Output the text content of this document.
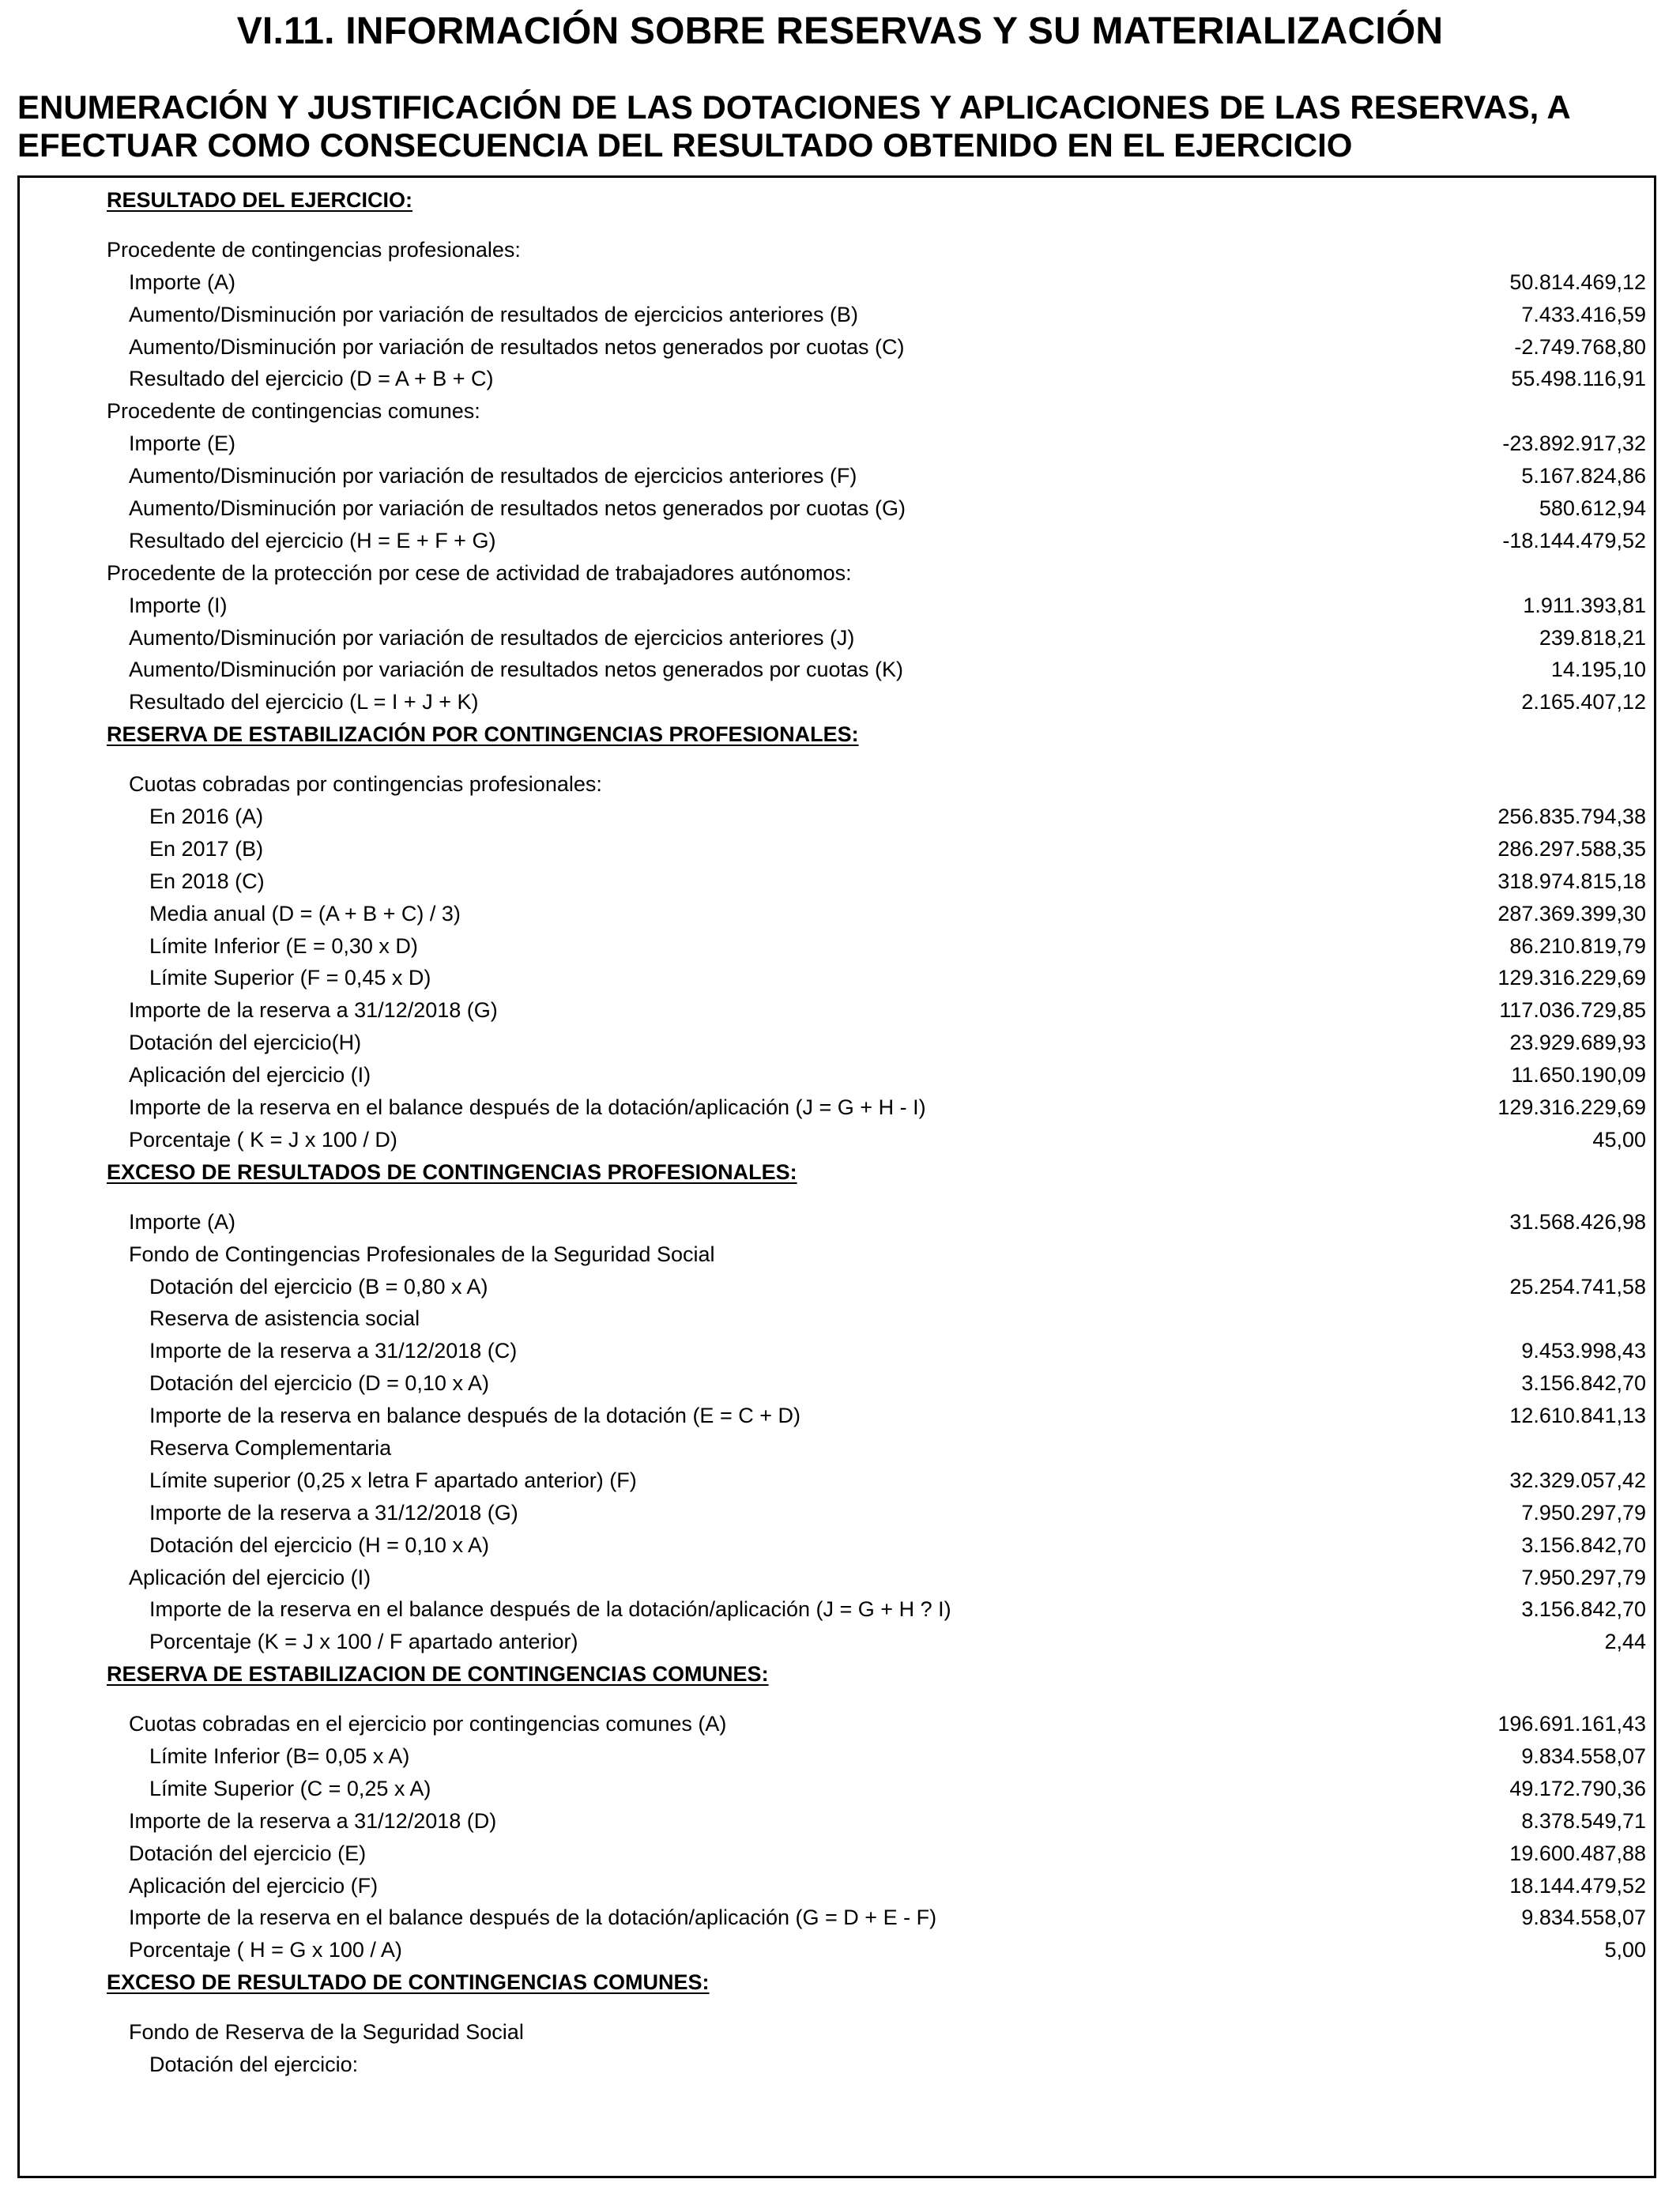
VI.11. INFORMACIÓN SOBRE RESERVAS Y SU MATERIALIZACIÓN
ENUMERACIÓN Y JUSTIFICACIÓN DE LAS DOTACIONES Y APLICACIONES DE LAS RESERVAS, A
EFECTUAR COMO CONSECUENCIA DEL RESULTADO OBTENIDO EN EL EJERCICIO
RESULTADO DEL EJERCICIO:
Procedente de contingencias profesionales:
Importe (A)	50.814.469,12
Aumento/Disminución por variación de resultados de ejercicios anteriores (B)	7.433.416,59
Aumento/Disminución por variación de resultados netos generados por cuotas (C)	-2.749.768,80
Resultado del ejercicio (D = A + B + C)	55.498.116,91
Procedente de contingencias comunes:
Importe (E)	-23.892.917,32
Aumento/Disminución por variación de resultados de ejercicios anteriores (F)	5.167.824,86
Aumento/Disminución por variación de resultados netos generados por cuotas (G)	580.612,94
Resultado del ejercicio (H = E + F + G)	-18.144.479,52
Procedente de la protección por cese de actividad de trabajadores autónomos:
Importe (I)	1.911.393,81
Aumento/Disminución por variación de resultados de ejercicios anteriores (J)	239.818,21
Aumento/Disminución por variación de resultados netos generados por cuotas (K)	14.195,10
Resultado del ejercicio (L = I + J + K)	2.165.407,12
RESERVA DE ESTABILIZACIÓN POR CONTINGENCIAS PROFESIONALES:
Cuotas cobradas por contingencias profesionales:
En 2016 (A)	256.835.794,38
En 2017 (B)	286.297.588,35
En 2018 (C)	318.974.815,18
Media anual (D = (A + B + C) / 3)	287.369.399,30
Límite Inferior (E = 0,30 x D)	86.210.819,79
Límite Superior (F = 0,45 x D)	129.316.229,69
Importe de la reserva a 31/12/2018 (G)	117.036.729,85
Dotación del ejercicio(H)	23.929.689,93
Aplicación del ejercicio (I)	11.650.190,09
Importe de la reserva en el balance después de la dotación/aplicación (J = G + H - I)	129.316.229,69
Porcentaje ( K = J x 100 / D)	45,00
EXCESO DE RESULTADOS DE CONTINGENCIAS PROFESIONALES:
Importe (A)	31.568.426,98
Fondo de Contingencias Profesionales de la Seguridad Social
Dotación del ejercicio (B = 0,80 x A)	25.254.741,58
Reserva de asistencia social
Importe de la reserva a 31/12/2018 (C)	9.453.998,43
Dotación del ejercicio (D = 0,10 x A)	3.156.842,70
Importe de la reserva en balance después de la dotación (E = C + D)	12.610.841,13
Reserva Complementaria
Límite superior (0,25 x letra F apartado anterior) (F)	32.329.057,42
Importe de la reserva a 31/12/2018 (G)	7.950.297,79
Dotación del ejercicio (H = 0,10 x A)	3.156.842,70
Aplicación del ejercicio (I)	7.950.297,79
Importe de la reserva en el balance después de la dotación/aplicación (J = G + H ? I)	3.156.842,70
Porcentaje (K = J x 100 / F apartado anterior)	2,44
RESERVA DE ESTABILIZACION DE CONTINGENCIAS COMUNES:
Cuotas cobradas en el ejercicio por contingencias comunes (A)	196.691.161,43
Límite Inferior (B= 0,05 x A)	9.834.558,07
Límite Superior (C = 0,25 x A)	49.172.790,36
Importe de la reserva a 31/12/2018 (D)	8.378.549,71
Dotación del ejercicio (E)	19.600.487,88
Aplicación del ejercicio (F)	18.144.479,52
Importe de la reserva en el balance después de la dotación/aplicación (G = D + E - F)	9.834.558,07
Porcentaje ( H = G x 100 / A)	5,00
EXCESO DE RESULTADO DE CONTINGENCIAS COMUNES:
Fondo de Reserva de la Seguridad Social
Dotación del ejercicio:
